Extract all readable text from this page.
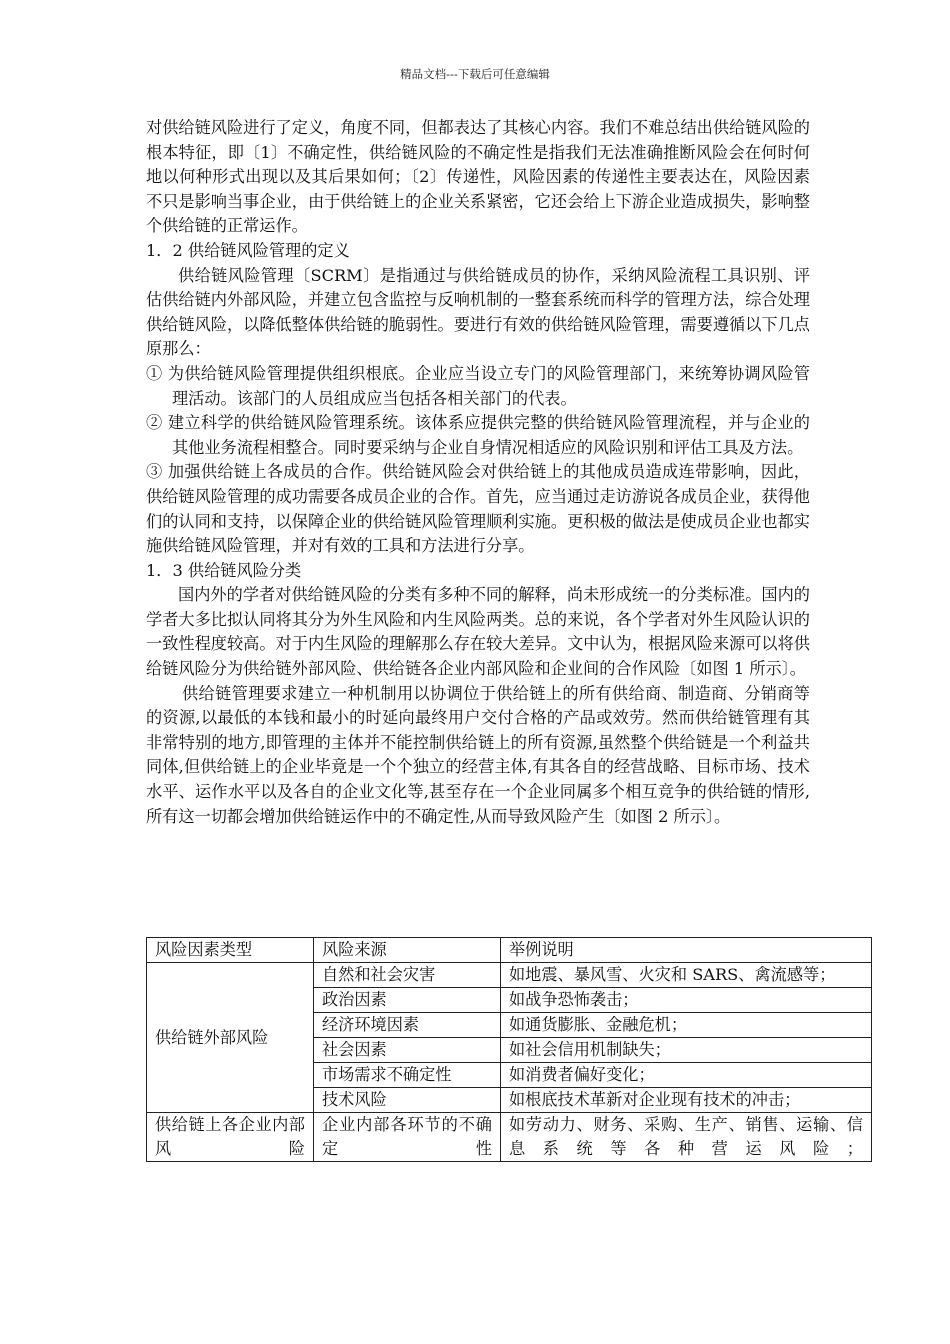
精品文档---下载后可任意编辑

对供给链风险进行了定义，角度不同，但都表达了其核心内容。我们不难总结出供给链风险的根本特征，即〔1〕不确定性，供给链风险的不确定性是指我们无法准确推断风险会在何时何地以何种形式出现以及其后果如何；〔2〕传递性，风险因素的传递性主要表达在，风险因素不只是影响当事企业，由于供给链上的企业关系紧密，它还会给上下游企业造成损失，影响整个供给链的正常运作。

1．2 供给链风险管理的定义

供给链风险管理〔SCRM〕是指通过与供给链成员的协作，采纳风险流程工具识别、评估供给链内外部风险，并建立包含监控与反响机制的一整套系统而科学的管理方法，综合处理供给链风险，以降低整体供给链的脆弱性。要进行有效的供给链风险管理，需要遵循以下几点原那么：

① 为供给链风险管理提供组织根底。企业应当设立专门的风险管理部门，来统筹协调风险管理活动。该部门的人员组成应当包括各相关部门的代表。

② 建立科学的供给链风险管理系统。该体系应提供完整的供给链风险管理流程，并与企业的其他业务流程相整合。同时要采纳与企业自身情况相适应的风险识别和评估工具及方法。

③ 加强供给链上各成员的合作。供给链风险会对供给链上的其他成员造成连带影响，因此，供给链风险管理的成功需要各成员企业的合作。首先，应当通过走访游说各成员企业，获得他们的认同和支持，以保障企业的供给链风险管理顺利实施。更积极的做法是使成员企业也都实施供给链风险管理，并对有效的工具和方法进行分享。

1．3 供给链风险分类

国内外的学者对供给链风险的分类有多种不同的解释，尚未形成统一的分类标准。国内的学者大多比拟认同将其分为外生风险和内生风险两类。总的来说，各个学者对外生风险认识的一致性程度较高。对于内生风险的理解那么存在较大差异。文中认为，根据风险来源可以将供给链风险分为供给链外部风险、供给链各企业内部风险和企业间的合作风险〔如图 1 所示〕。

供给链管理要求建立一种机制用以协调位于供给链上的所有供给商、制造商、分销商等的资源,以最低的本钱和最小的时延向最终用户交付合格的产品或效劳。然而供给链管理有其非常特别的地方,即管理的主体并不能控制供给链上的所有资源,虽然整个供给链是一个利益共同体,但供给链上的企业毕竟是一个个独立的经营主体,有其各自的经营战略、目标市场、技术水平、运作水平以及各自的企业文化等,甚至存在一个企业同属多个相互竞争的供给链的情形,所有这一切都会增加供给链运作中的不确定性,从而导致风险产生〔如图 2 所示〕。

风险因素类型	风险来源	举例说明
供给链外部风险	自然和社会灾害	如地震、暴风雪、火灾和 SARS、禽流感等；
	政治因素	如战争恐怖袭击；
	经济环境因素	如通货膨胀、金融危机；
	社会因素	如社会信用机制缺失；
	市场需求不确定性	如消费者偏好变化；
	技术风险	如根底技术革新对企业现有技术的冲击；
供给链上各企业内部风险	企业内部各环节的不确定性	如劳动力、财务、采购、生产、销售、运输、信息系统等各种营运风险；
